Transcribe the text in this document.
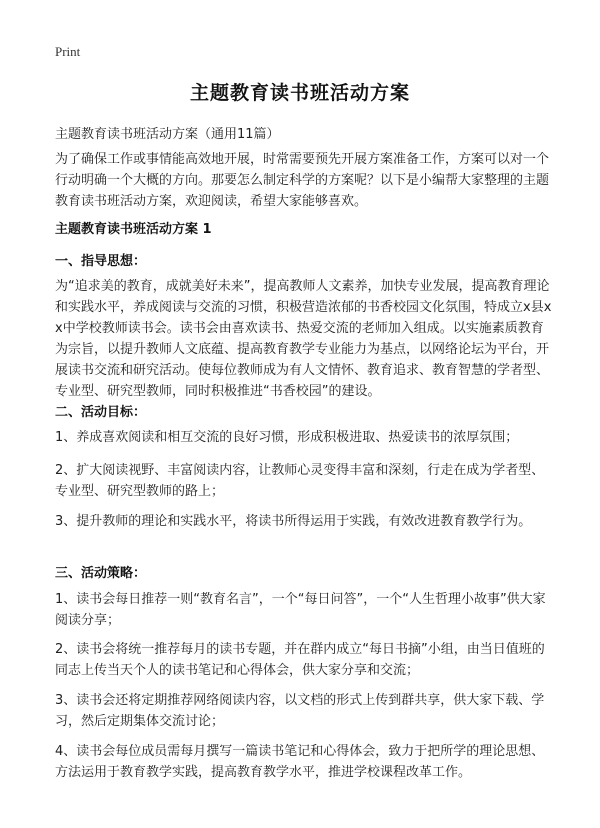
Print
主题教育读书班活动方案
主题教育读书班活动方案（通用11篇）

为了确保工作或事情能高效地开展，时常需要预先开展方案准备工作，方案可以对一个行动明确一个大概的方向。那要怎么制定科学的方案呢？以下是小编帮大家整理的主题教育读书班活动方案，欢迎阅读，希望大家能够喜欢。

主题教育读书班活动方案 1
一、指导思想：

为“追求美的教育，成就美好未来”，提高教师人文素养，加快专业发展，提高教育理论和实践水平，养成阅读与交流的习惯，积极营造浓郁的书香校园文化氛围，特成立x县xx中学校教师读书会。读书会由喜欢读书、热爱交流的老师加入组成。以实施素质教育为宗旨，以提升教师人文底蕴、提高教育教学专业能力为基点，以网络论坛为平台，开展读书交流和研究活动。使每位教师成为有人文情怀、教育追求、教育智慧的学者型、专业型、研究型教师，同时积极推进“书香校园”的建设。

二、活动目标：

1、养成喜欢阅读和相互交流的良好习惯，形成积极进取、热爱读书的浓厚氛围；

2、扩大阅读视野、丰富阅读内容，让教师心灵变得丰富和深刻，行走在成为学者型、专业型、研究型教师的路上；

3、提升教师的理论和实践水平，将读书所得运用于实践，有效改进教育教学行为。

三、活动策略：

1、读书会每日推荐一则“教育名言”，一个“每日问答”，一个“人生哲理小故事”供大家阅读分享；

2、读书会将统一推荐每月的读书专题，并在群内成立“每日书摘”小组，由当日值班的同志上传当天个人的读书笔记和心得体会，供大家分享和交流；

3、读书会还将定期推荐网络阅读内容，以文档的形式上传到群共享，供大家下载、学习，然后定期集体交流讨论；

4、读书会每位成员需每月撰写一篇读书笔记和心得体会，致力于把所学的理论思想、方法运用于教育教学实践，提高教育教学水平，推进学校课程改革工作。
